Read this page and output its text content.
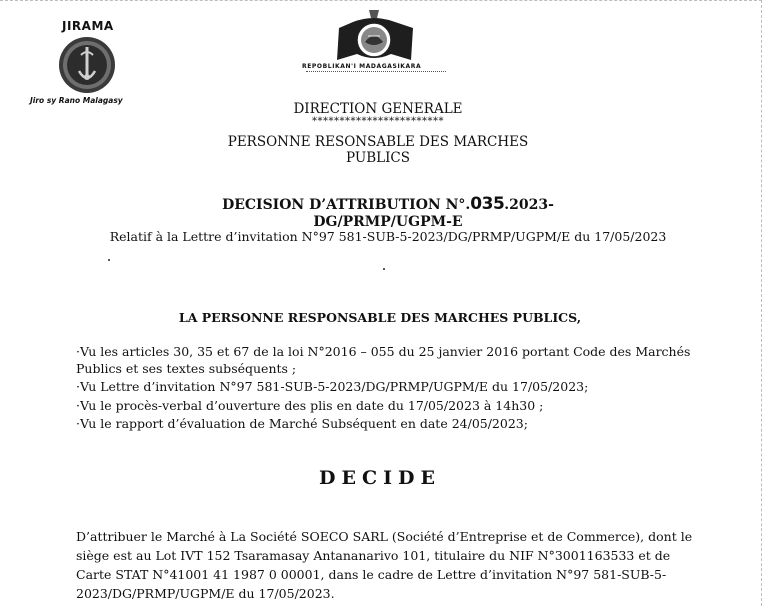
JIRAMA
Jiro sy Rano Malagasy
REPOBLIKAN'I MADAGASIKARA
DIRECTION GENERALE
************************
PERSONNE RESONSABLE DES MARCHES PUBLICS
DECISION D’ATTRIBUTION N°.035.2023-DG/PRMP/UGPM-E
Relatif à la Lettre d’invitation N°97 581-SUB-5-2023/DG/PRMP/UGPM/E du 17/05/2023
LA PERSONNE RESPONSABLE DES MARCHES PUBLICS,
·Vu les articles 30, 35 et 67 de la loi N°2016 – 055 du 25 janvier 2016 portant Code des Marchés
Publics et ses textes subséquents ;
·Vu Lettre d’invitation N°97 581-SUB-5-2023/DG/PRMP/UGPM/E du 17/05/2023;
·Vu le procès-verbal d’ouverture des plis en date du 17/05/2023 à 14h30 ;
·Vu le rapport d’évaluation de Marché Subséquent en date 24/05/2023;
DECIDE
D’attribuer le Marché à La Société SOECO SARL (Société d’Entreprise et de Commerce), dont le
siège est au Lot IVT 152 Tsaramasay Antananarivo 101, titulaire du NIF N°3001163533 et de
Carte STAT N°41001 41 1987 0 00001, dans le cadre de Lettre d’invitation N°97 581-SUB-5-
2023/DG/PRMP/UGPM/E du 17/05/2023.
